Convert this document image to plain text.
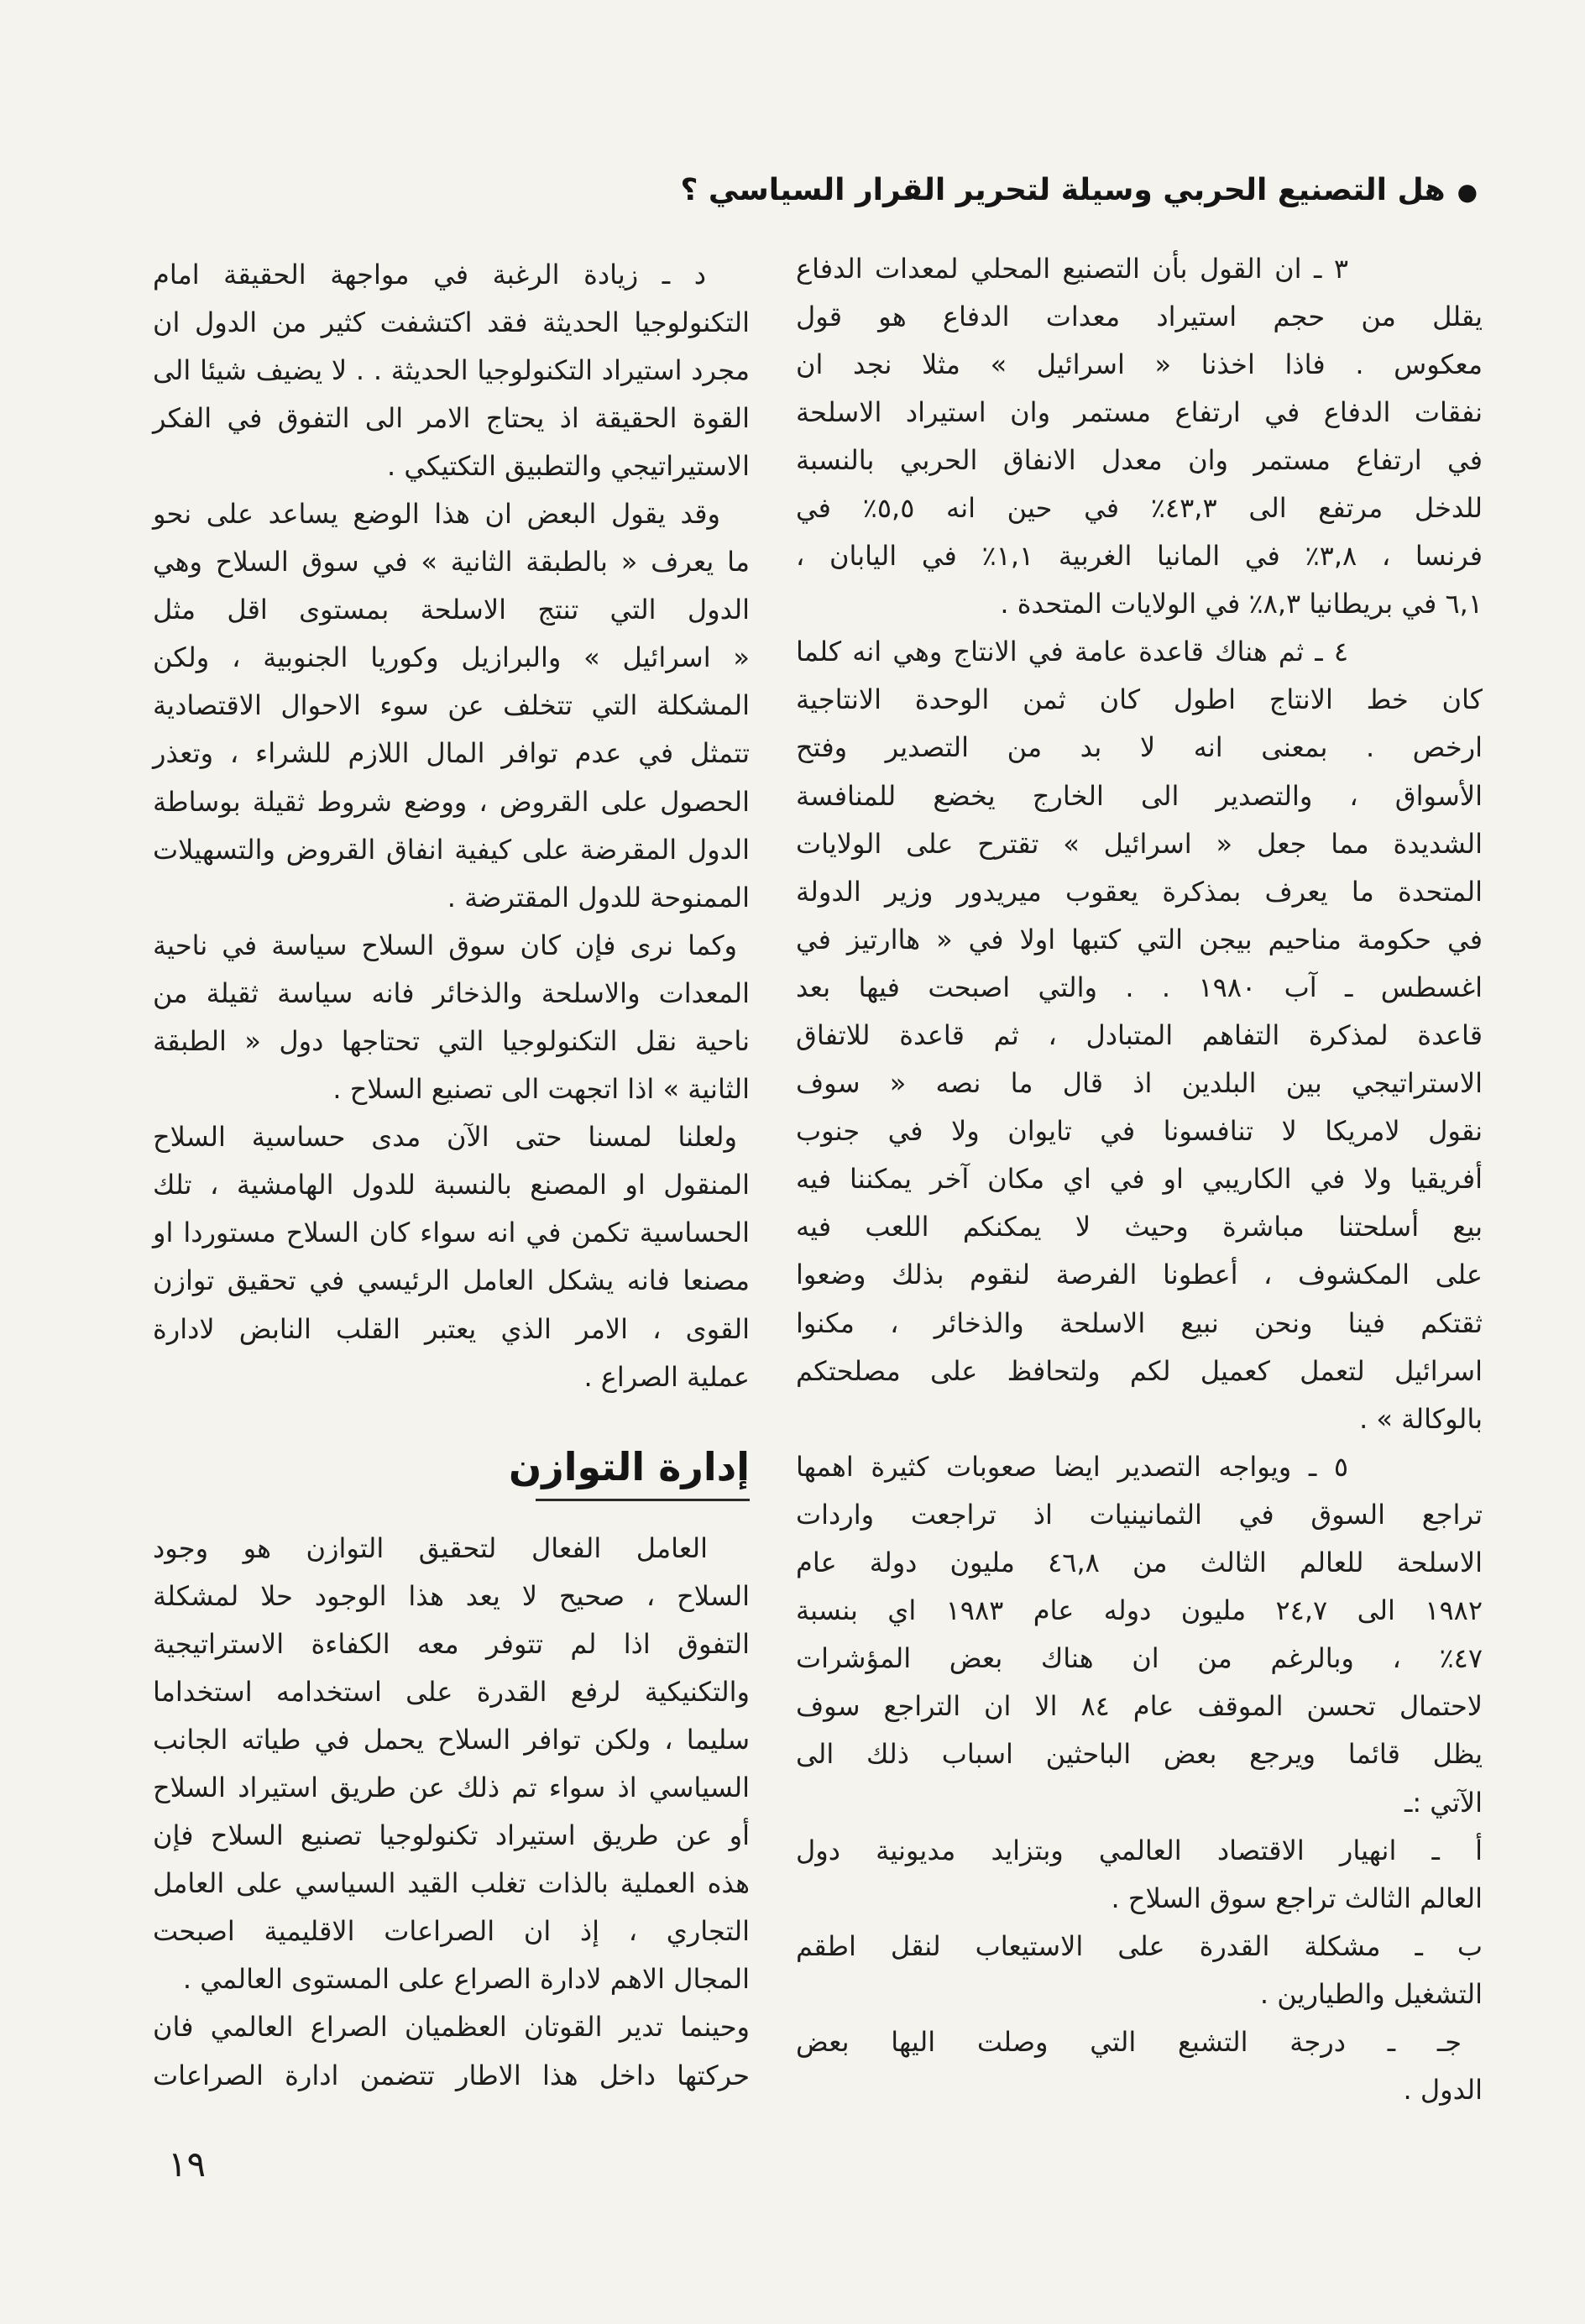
●هل التصنيع الحربي وسيلة لتحرير القرار السياسي ؟
٣ ـ ان القول بأن التصنيع المحلي لمعدات الدفاع
يقلل من حجم استيراد معدات الدفاع هو قول
معكوس . فاذا اخذنا « اسرائيل » مثلا نجد ان
نفقات الدفاع في ارتفاع مستمر وان استيراد الاسلحة
في ارتفاع مستمر وان معدل الانفاق الحربي بالنسبة
للدخل مرتفع الى ٤٣,٣٪ في حين انه ٥,٥٪ في
فرنسا ، ٣,٨٪ في المانيا الغربية ١,١٪ في اليابان ،
٦,١ في بريطانيا ٨,٣٪ في الولايات المتحدة .
٤ ـ ثم هناك قاعدة عامة في الانتاج وهي انه كلما
كان خط الانتاج اطول كان ثمن الوحدة الانتاجية
ارخص . بمعنى انه لا بد من التصدير وفتح
الأسواق ، والتصدير الى الخارج يخضع للمنافسة
الشديدة مما جعل « اسرائيل » تقترح على الولايات
المتحدة ما يعرف بمذكرة يعقوب ميريدور وزير الدولة
في حكومة مناحيم بيجن التي كتبها اولا في « هاارتيز في
اغسطس ـ آب ١٩٨٠ . . والتي اصبحت فيها بعد
قاعدة لمذكرة التفاهم المتبادل ، ثم قاعدة للاتفاق
الاستراتيجي بين البلدين اذ قال ما نصه « سوف
نقول لامريكا لا تنافسونا في تايوان ولا في جنوب
أفريقيا ولا في الكاريبي او في اي مكان آخر يمكننا فيه
بيع أسلحتنا مباشرة وحيث لا يمكنكم اللعب فيه
على المكشوف ، أعطونا الفرصة لنقوم بذلك وضعوا
ثقتكم فينا ونحن نبيع الاسلحة والذخائر ، مكنوا
اسرائيل لتعمل كعميل لكم ولتحافظ على مصلحتكم
بالوكالة » .
٥ ـ ويواجه التصدير ايضا صعوبات كثيرة اهمها
تراجع السوق في الثمانينيات اذ تراجعت واردات
الاسلحة للعالم الثالث من ٤٦,٨ مليون دولة عام
١٩٨٢ الى ٢٤,٧ مليون دوله عام ١٩٨٣ اي بنسبة
٤٧٪ ، وبالرغم من ان هناك بعض المؤشرات
لاحتمال تحسن الموقف عام ٨٤ الا ان التراجع سوف
يظل قائما ويرجع بعض الباحثين اسباب ذلك الى
الآتي :ـ
أ ـ انهيار الاقتصاد العالمي وبتزايد مديونية دول
العالم الثالث تراجع سوق السلاح .
ب ـ مشكلة القدرة على الاستيعاب لنقل اطقم
التشغيل والطيارين .
جـ ـ درجة التشبع التي وصلت اليها بعض
الدول .
د ـ زيادة الرغبة في مواجهة الحقيقة امام
التكنولوجيا الحديثة فقد اكتشفت كثير من الدول ان
مجرد استيراد التكنولوجيا الحديثة . . لا يضيف شيئا الى
القوة الحقيقة اذ يحتاج الامر الى التفوق في الفكر
الاستيراتيجي والتطبيق التكتيكي .
وقد يقول البعض ان هذا الوضع يساعد على نحو
ما يعرف « بالطبقة الثانية » في سوق السلاح وهي
الدول التي تنتج الاسلحة بمستوى اقل مثل
« اسرائيل » والبرازيل وكوريا الجنوبية ، ولكن
المشكلة التي تتخلف عن سوء الاحوال الاقتصادية
تتمثل في عدم توافر المال اللازم للشراء ، وتعذر
الحصول على القروض ، ووضع شروط ثقيلة بوساطة
الدول المقرضة على كيفية انفاق القروض والتسهيلات
الممنوحة للدول المقترضة .
وكما نرى فإن كان سوق السلاح سياسة في ناحية
المعدات والاسلحة والذخائر فانه سياسة ثقيلة من
ناحية نقل التكنولوجيا التي تحتاجها دول « الطبقة
الثانية » اذا اتجهت الى تصنيع السلاح .
ولعلنا لمسنا حتى الآن مدى حساسية السلاح
المنقول او المصنع بالنسبة للدول الهامشية ، تلك
الحساسية تكمن في انه سواء كان السلاح مستوردا او
مصنعا فانه يشكل العامل الرئيسي في تحقيق توازن
القوى ، الامر الذي يعتبر القلب النابض لادارة
عملية الصراع .
إدارة التوازن
العامل الفعال لتحقيق التوازن هو وجود
السلاح ، صحيح لا يعد هذا الوجود حلا لمشكلة
التفوق اذا لم تتوفر معه الكفاءة الاستراتيجية
والتكنيكية لرفع القدرة على استخدامه استخداما
سليما ، ولكن توافر السلاح يحمل في طياته الجانب
السياسي اذ سواء تم ذلك عن طريق استيراد السلاح
أو عن طريق استيراد تكنولوجيا تصنيع السلاح فإن
هذه العملية بالذات تغلب القيد السياسي على العامل
التجاري ، إذ ان الصراعات الاقليمية اصبحت
المجال الاهم لادارة الصراع على المستوى العالمي .
وحينما تدير القوتان العظميان الصراع العالمي فان
حركتها داخل هذا الاطار تتضمن ادارة الصراعات
١٩
